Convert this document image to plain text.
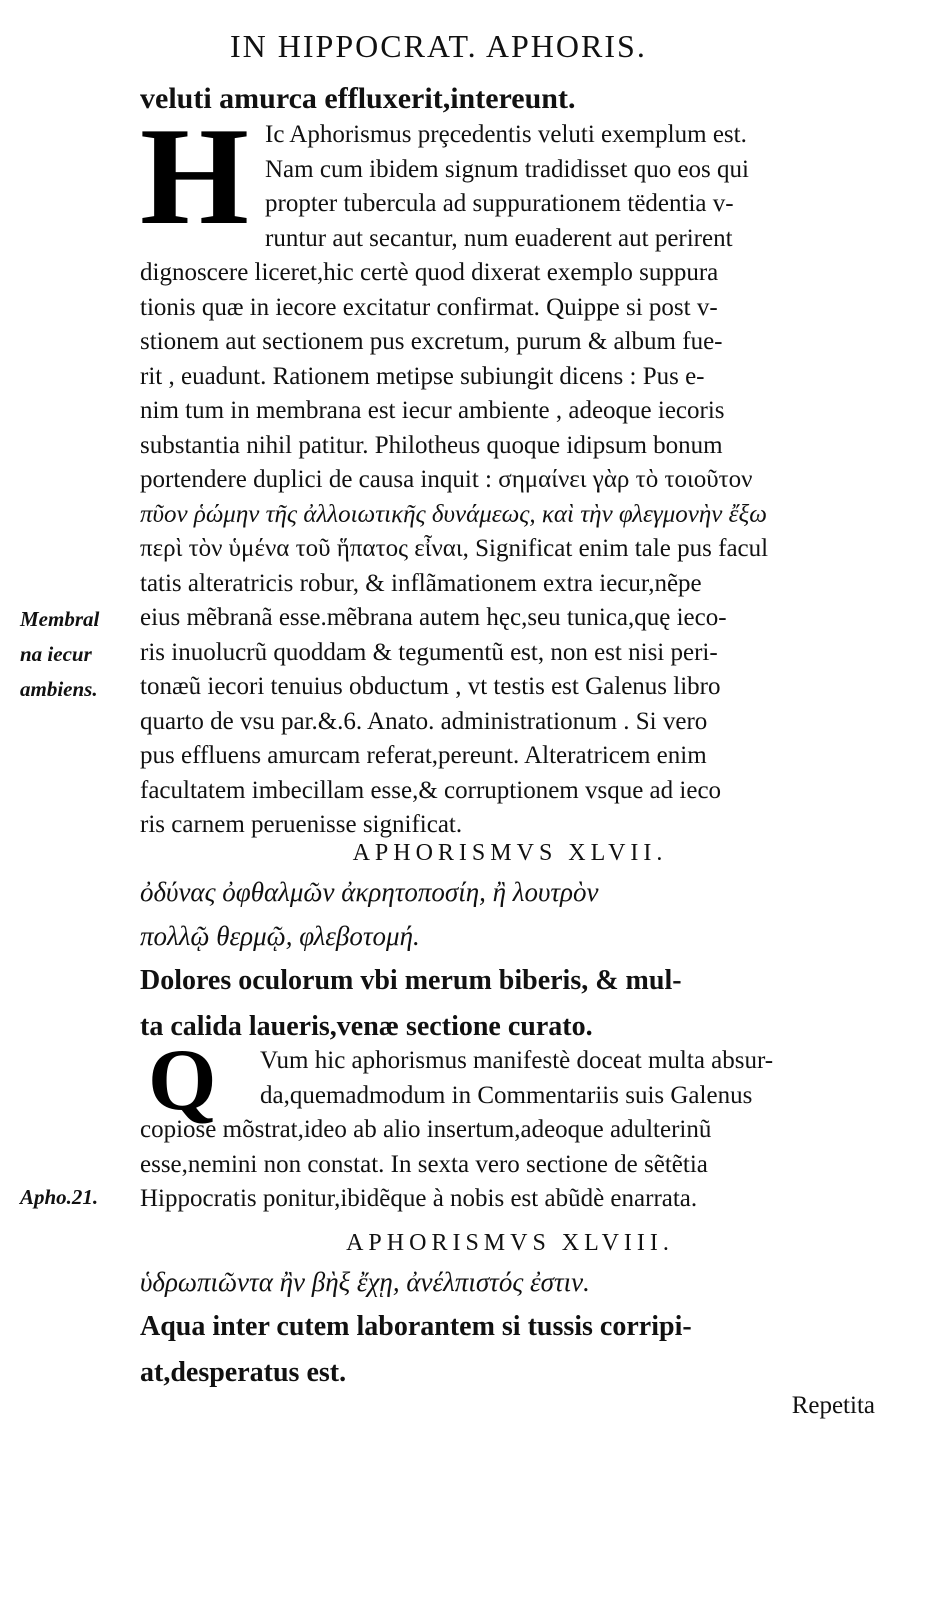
IN HIPPOCRAT. APHORIS.
veluti amurca effluxerit,intereunt.
H Ic Aphorismus prȩcedentis veluti exemplum est.
Nam cum ibidem signum tradidisset quo eos qui
propter tubercula ad suppurationem tëdentia v-
runtur aut secantur, num euaderent aut perirent
dignoscere liceret,hic certè quod dixerat exemplo suppura
tionis quæ in iecore excitatur confirmat. Quippe si post v-
stionem aut sectionem pus excretum, purum & album fue-
rit , euadunt. Rationem metipse subiungit dicens : Pus e-
nim tum in membrana est iecur ambiente , adeoque iecoris
substantia nihil patitur. Philotheus quoque idipsum bonum
portendere duplici de causa inquit : σημαίνει γὰρ τὸ τοιοῦτον
πῦον ῥώμην τῆς ἀλλοιωτικῆς δυνάμεως, καὶ τὴν φλεγμονὴν ἔξω
περὶ τὸν ὑμένα τοῦ ἥπατος εἶναι, Significat enim tale pus facul
tatis alteratricis robur, & inflãmationem extra iecur,nẽpe
eius mẽbranã esse.mẽbrana autem hęc,seu tunica,quę ieco-
ris inuolucrũ quoddam & tegumentũ est, non est nisi peri-
tonæũ iecori tenuius obductum , vt testis est Galenus libro
quarto de vsu par.&.6. Anato. administrationum . Si vero
pus effluens amurcam referat,pereunt. Alteratricem enim
facultatem imbecillam esse,& corruptionem vsque ad ieco
ris carnem peruenisse significat.
Membral
na iecur
ambiens.
Apho.21.
APHORISMVS XLVII.
ὀδύνας ὀφθαλμῶν ἀκρητοποσίη, ἢ λουτρὸν
πολλῷ θερμῷ, φλεβοτομή.
Dolores oculorum vbi merum biberis, & mul-
ta calida laueris,venæ sectione curato.
Q	Vum hic aphorismus manifestè doceat multa absur-
da,quemadmodum in Commentariis suis Galenus
copiose mõstrat,ideo ab alio insertum,adeoque adulterinũ
esse,nemini non constat. In sexta vero sectione de sẽtẽtia
Hippocratis ponitur,ibidẽque à nobis est abũdè enarrata.
APHORISMVS XLVIII.
ὑδρωπιῶντα ἢν βὴξ ἔχῃ, ἀνέλπιστός ἐστιν.
Aqua inter cutem laborantem si tussis corripi-
at,desperatus est.
Repetita
